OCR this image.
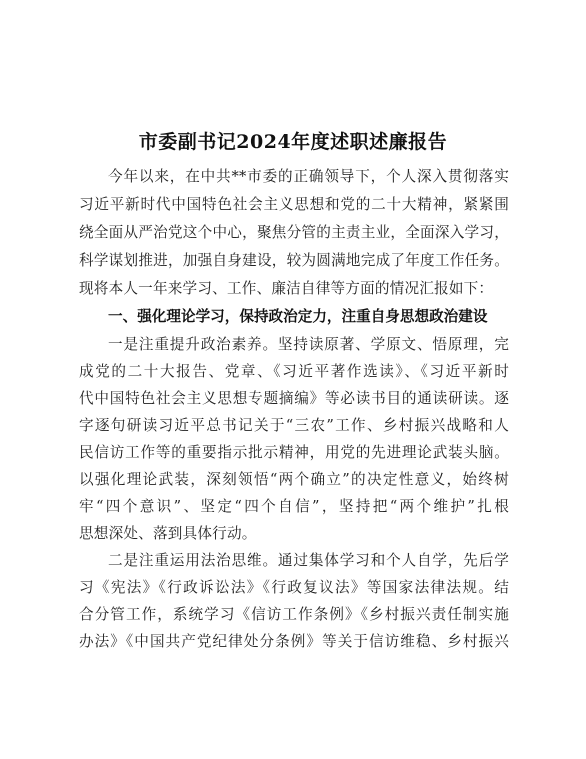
市委副书记2024年度述职述廉报告
今年以来，在中共**市委的正确领导下，个人深入贯彻落实
习近平新时代中国特色社会主义思想和党的二十大精神，紧紧围
绕全面从严治党这个中心，聚焦分管的主责主业，全面深入学习，
科学谋划推进，加强自身建设，较为圆满地完成了年度工作任务。
现将本人一年来学习、工作、廉洁自律等方面的情况汇报如下：
一、强化理论学习，保持政治定力，注重自身思想政治建设
一是注重提升政治素养。坚持读原著、学原文、悟原理，完
成党的二十大报告、党章、《习近平著作选读》、《习近平新时
代中国特色社会主义思想专题摘编》等必读书目的通读研读。逐
字逐句研读习近平总书记关于“三农”工作、乡村振兴战略和人
民信访工作等的重要指示批示精神，用党的先进理论武装头脑。
以强化理论武装，深刻领悟“两个确立”的决定性意义，始终树
牢“四个意识”、坚定“四个自信”，坚持把“两个维护”扎根
思想深处、落到具体行动。
二是注重运用法治思维。通过集体学习和个人自学，先后学
习《宪法》《行政诉讼法》《行政复议法》等国家法律法规。结
合分管工作，系统学习《信访工作条例》《乡村振兴责任制实施
办法》《中国共产党纪律处分条例》等关于信访维稳、乡村振兴
